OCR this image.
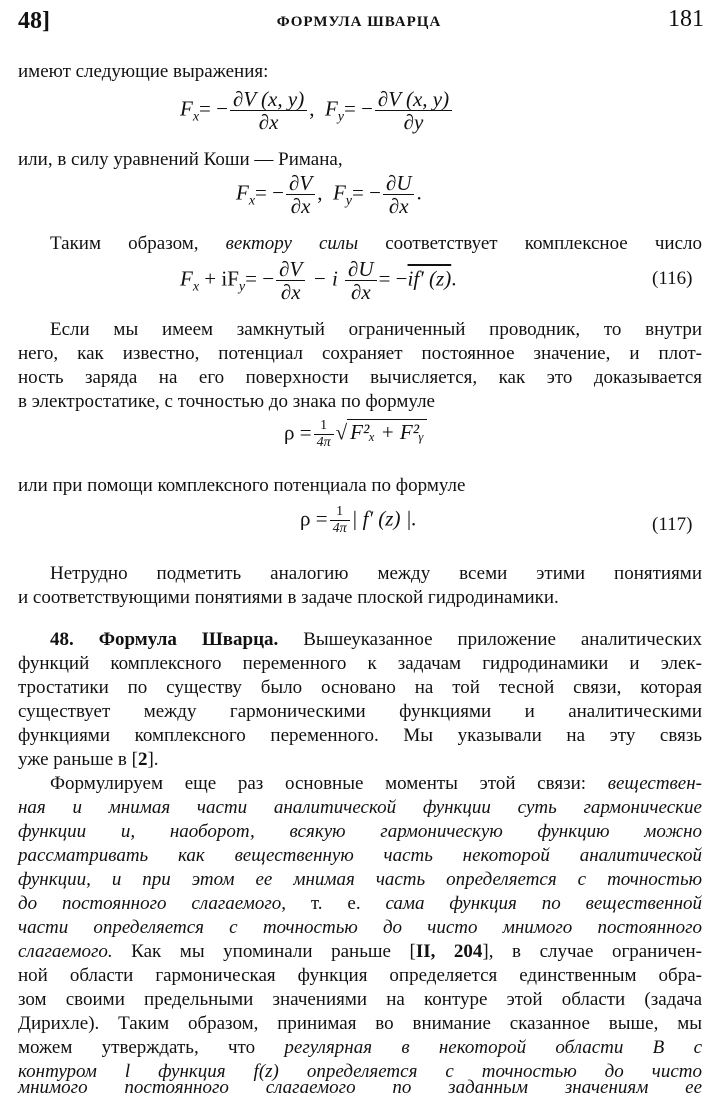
48]	ФОРМУЛА ШВАРЦА	181
имеют следующие выражения:
$F_x= - \frac{\partial V (x, y)}{\partial x}$ , $F_y= - \frac{\partial V (x, y)}{\partial y}$
или, в силу уравнений Коши — Римана,
$F_x= - \frac{\partial V}{\partial x}$ , $F_y= - \frac{\partial U}{\partial x}$ .
Таким образом, вектору силы соответствует комплексное число
$F_x + iF_y= - \frac{\partial V}{\partial x} - i \frac{\partial U}{\partial x} = -if'$ (z).	(116)
Если мы имеем замкнутый ограниченный проводник, то внутри
него, как известно, потенциал сохраняет постоянное значение, и плот-
ность заряда на его поверхности вычисляется, как это доказывается
в электростатике, с точностью до знака по формуле
$\rho = \frac{1}{4\pi}$ √ F²ₓ + F²ᵧ
или при помощи комплексного потенциала по формуле
$\rho = \frac{1}{4\pi}$ | f′ (z) |.	(117)
Нетрудно подметить аналогию между всеми этими понятиями
и соответствующими понятиями в задаче плоской гидродинамики.
48. Формула Шварца. Вышеуказанное приложение аналитических
функций комплексного переменного к задачам гидродинамики и элек-
тростатики по существу было основано на той тесной связи, которая
существует между гармоническими функциями и аналитическими
функциями комплексного переменного. Мы указывали на эту связь
уже раньше в [2].
Формулируем еще раз основные моменты этой связи: веществен-
ная и мнимая части аналитической функции суть гармонические
функции и, наоборот, всякую гармоническую функцию можно
рассматривать как вещественную часть некоторой аналитической
функции, и при этом ее мнимая часть определяется с точностью
до постоянного слагаемого, т. е. сама функция по вещественной
части определяется с точностью до чисто мнимого постоянного
слагаемого. Как мы упоминали раньше [II, 204], в случае ограничен-
ной области гармоническая функция определяется единственным обра-
зом своими предельными значениями на контуре этой области (задача
Дирихле). Таким образом, принимая во внимание сказанное выше, мы
можем утверждать, что регулярная в некоторой области B с
контуром l функция f(z) определяется с точностью до чисто
мнимого постоянного слагаемого по заданным значениям ее
